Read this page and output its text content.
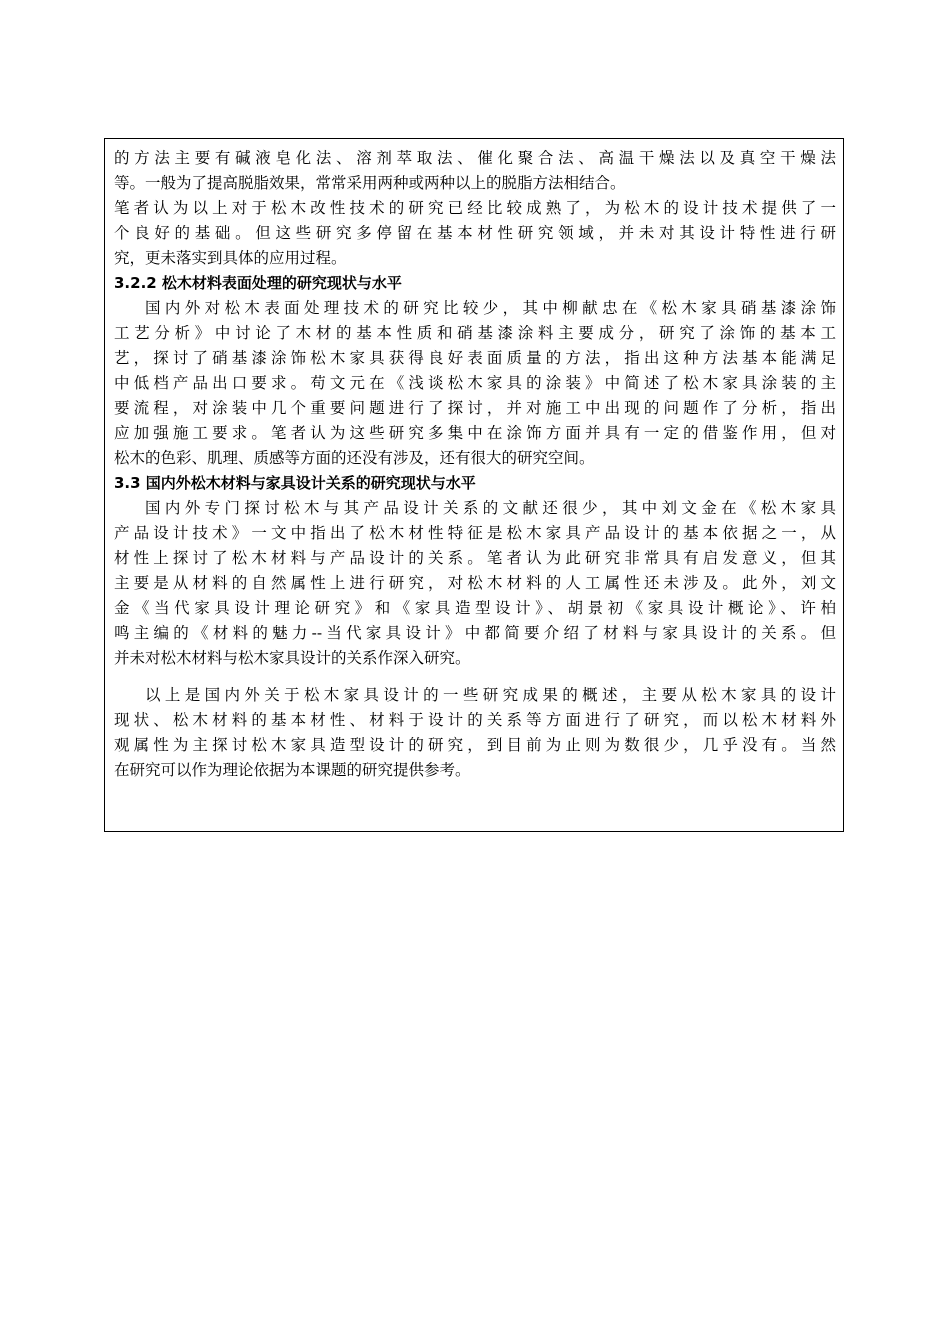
的方法主要有碱液皂化法、溶剂萃取法、催化聚合法、高温干燥法以及真空干燥法
等。一般为了提高脱脂效果，常常采用两种或两种以上的脱脂方法相结合。
笔者认为以上对于松木改性技术的研究已经比较成熟了，为松木的设计技术提供了一
个良好的基础。但这些研究多停留在基本材性研究领域，并未对其设计特性进行研
究，更未落实到具体的应用过程。
3.2.2 松木材料表面处理的研究现状与水平
国内外对松木表面处理技术的研究比较少，其中柳献忠在《松木家具硝基漆涂饰
工艺分析》中讨论了木材的基本性质和硝基漆涂料主要成分，研究了涂饰的基本工
艺，探讨了硝基漆涂饰松木家具获得良好表面质量的方法，指出这种方法基本能满足
中低档产品出口要求。苟文元在《浅谈松木家具的涂装》中简述了松木家具涂装的主
要流程，对涂装中几个重要问题进行了探讨，并对施工中出现的问题作了分析，指出
应加强施工要求。笔者认为这些研究多集中在涂饰方面并具有一定的借鉴作用，但对
松木的色彩、肌理、质感等方面的还没有涉及，还有很大的研究空间。
3.3 国内外松木材料与家具设计关系的研究现状与水平
国内外专门探讨松木与其产品设计关系的文献还很少，其中刘文金在《松木家具
产品设计技术》一文中指出了松木材性特征是松木家具产品设计的基本依据之一，从
材性上探讨了松木材料与产品设计的关系。笔者认为此研究非常具有启发意义，但其
主要是从材料的自然属性上进行研究，对松木材料的人工属性还未涉及。此外，刘文
金《当代家具设计理论研究》和《家具造型设计》、胡景初《家具设计概论》、许柏
鸣主编的《材料的魅力--当代家具设计》中都简要介绍了材料与家具设计的关系。但
并未对松木材料与松木家具设计的关系作深入研究。
以上是国内外关于松木家具设计的一些研究成果的概述，主要从松木家具的设计
现状、松木材料的基本材性、材料于设计的关系等方面进行了研究，而以松木材料外
观属性为主探讨松木家具造型设计的研究，到目前为止则为数很少，几乎没有。当然
在研究可以作为理论依据为本课题的研究提供参考。
